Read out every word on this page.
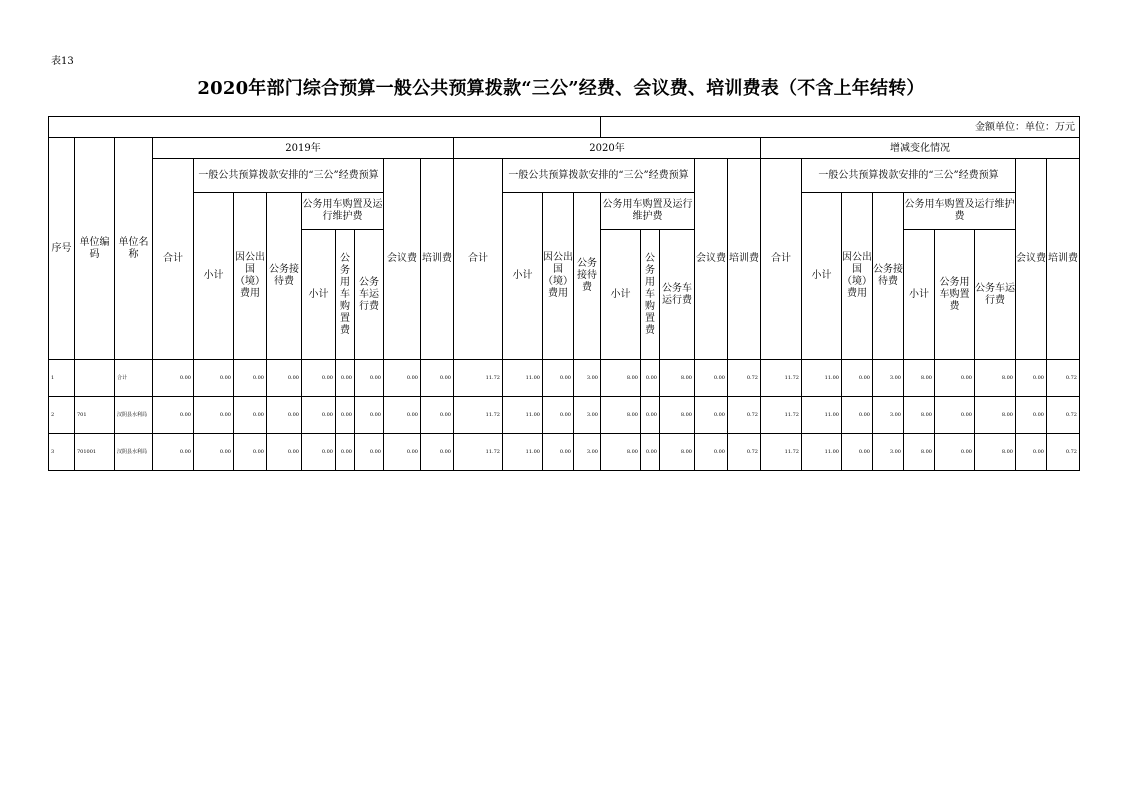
表13
2020年部门综合预算一般公共预算拨款“三公”经费、会议费、培训费表（不含上年结转）
																金额单位：单位：万元													
序号	单位编码	单位名称	2019年									2020年									增减变化情况								
			合计	一般公共预算拨款安排的“三公”经费预算						会议费	培训费	合计	一般公共预算拨款安排的“三公”经费预算						会议费	培训费	合计	一般公共预算拨款安排的“三公”经费预算						会议费	培训费
				小计	因公出国（境）费用	公务接待费	公务用车购置及运行维护费						小计	因公出国（境）费用	公务接待费	公务用车购置及运行维护费						小计	因公出国（境）费用	公务接待费	公务用车购置及运行维护费				
							小计	公务用车购置费	公务车运行费							小计	公务用车购置费	公务车运行费							小计	公务用车购置费	公务车运行费		

1		合计	0.00	0.00	0.00	0.00	0.00	0.00	0.00	0.00	0.00	11.72	11.00	0.00	3.00	8.00	0.00	8.00	0.00	0.72	11.72	11.00	0.00	3.00	8.00	0.00	8.00	0.00	0.72
2	701	汉阴县水利局	0.00	0.00	0.00	0.00	0.00	0.00	0.00	0.00	0.00	11.72	11.00	0.00	3.00	8.00	0.00	8.00	0.00	0.72	11.72	11.00	0.00	3.00	8.00	0.00	8.00	0.00	0.72
3	701001	汉阴县水利局	0.00	0.00	0.00	0.00	0.00	0.00	0.00	0.00	0.00	11.72	11.00	0.00	3.00	8.00	0.00	8.00	0.00	0.72	11.72	11.00	0.00	3.00	8.00	0.00	8.00	0.00	0.72
